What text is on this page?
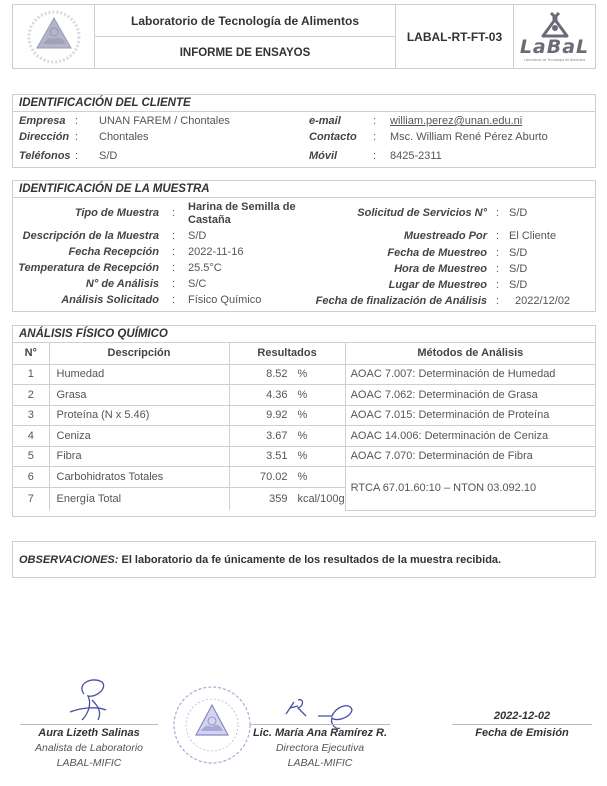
Laboratorio de Tecnología de Alimentos
INFORME DE ENSAYOS
LABAL-RT-FT-03 LaBaL
Laboratorio de Tecnología de Alimentos
IDENTIFICACIÓN DEL CLIENTE
Empresa : UNAN FAREM / Chontales
Dirección : Chontales
Teléfonos : S/D
e-mail	: william.perez@unan.edu.ni
Contacto : Msc. William René Pérez Aburto
Móvil	: 8425-2311
IDENTIFICACIÓN DE LA MUESTRA
Tipo de Muestra : Harina de Semilla de
Castaña
Descripción de la Muestra : S/D
Fecha Recepción : 2022-11-16
Temperatura de Recepción : 25.5°C
N° de Análisis : S/C
Análisis Solicitado : Físico Químico
Solicitud de Servicios N° : S/D
Muestreado Por : El Cliente
Fecha de Muestreo : S/D
Hora de Muestreo : S/D
Lugar de Muestreo : S/D
Fecha de finalización de Análisis : 2022/12/02
ANÁLISIS FÍSICO QUÍMICO
N°	Descripción	Resultados	Métodos de Análisis
1	Humedad	8.52 %	AOAC 7.007: Determinación de Humedad
2	Grasa	4.36 %	AOAC 7.062: Determinación de Grasa
3	Proteína (N x 5.46)	9.92 %	AOAC 7.015: Determinación de Proteína
4	Ceniza	3.67 %	AOAC 14.006: Determinación de Ceniza
5	Fibra	3.51 %	AOAC 7.070: Determinación de Fibra
6	Carbohidratos Totales	70.02 %	RTCA 67.01.60:10 – NTON 03.092.10
7	Energía Total	359 kcal/100g	
OBSERVACIONES: El laboratorio da fe únicamente de los resultados de la muestra recibida.
Aura Lizeth Salinas
Analista de Laboratorio
LABAL-MIFIC
Lic. María Ana Ramírez R.
Directora Ejecutiva
LABAL-MIFIC
2022-12-02
Fecha de Emisión
